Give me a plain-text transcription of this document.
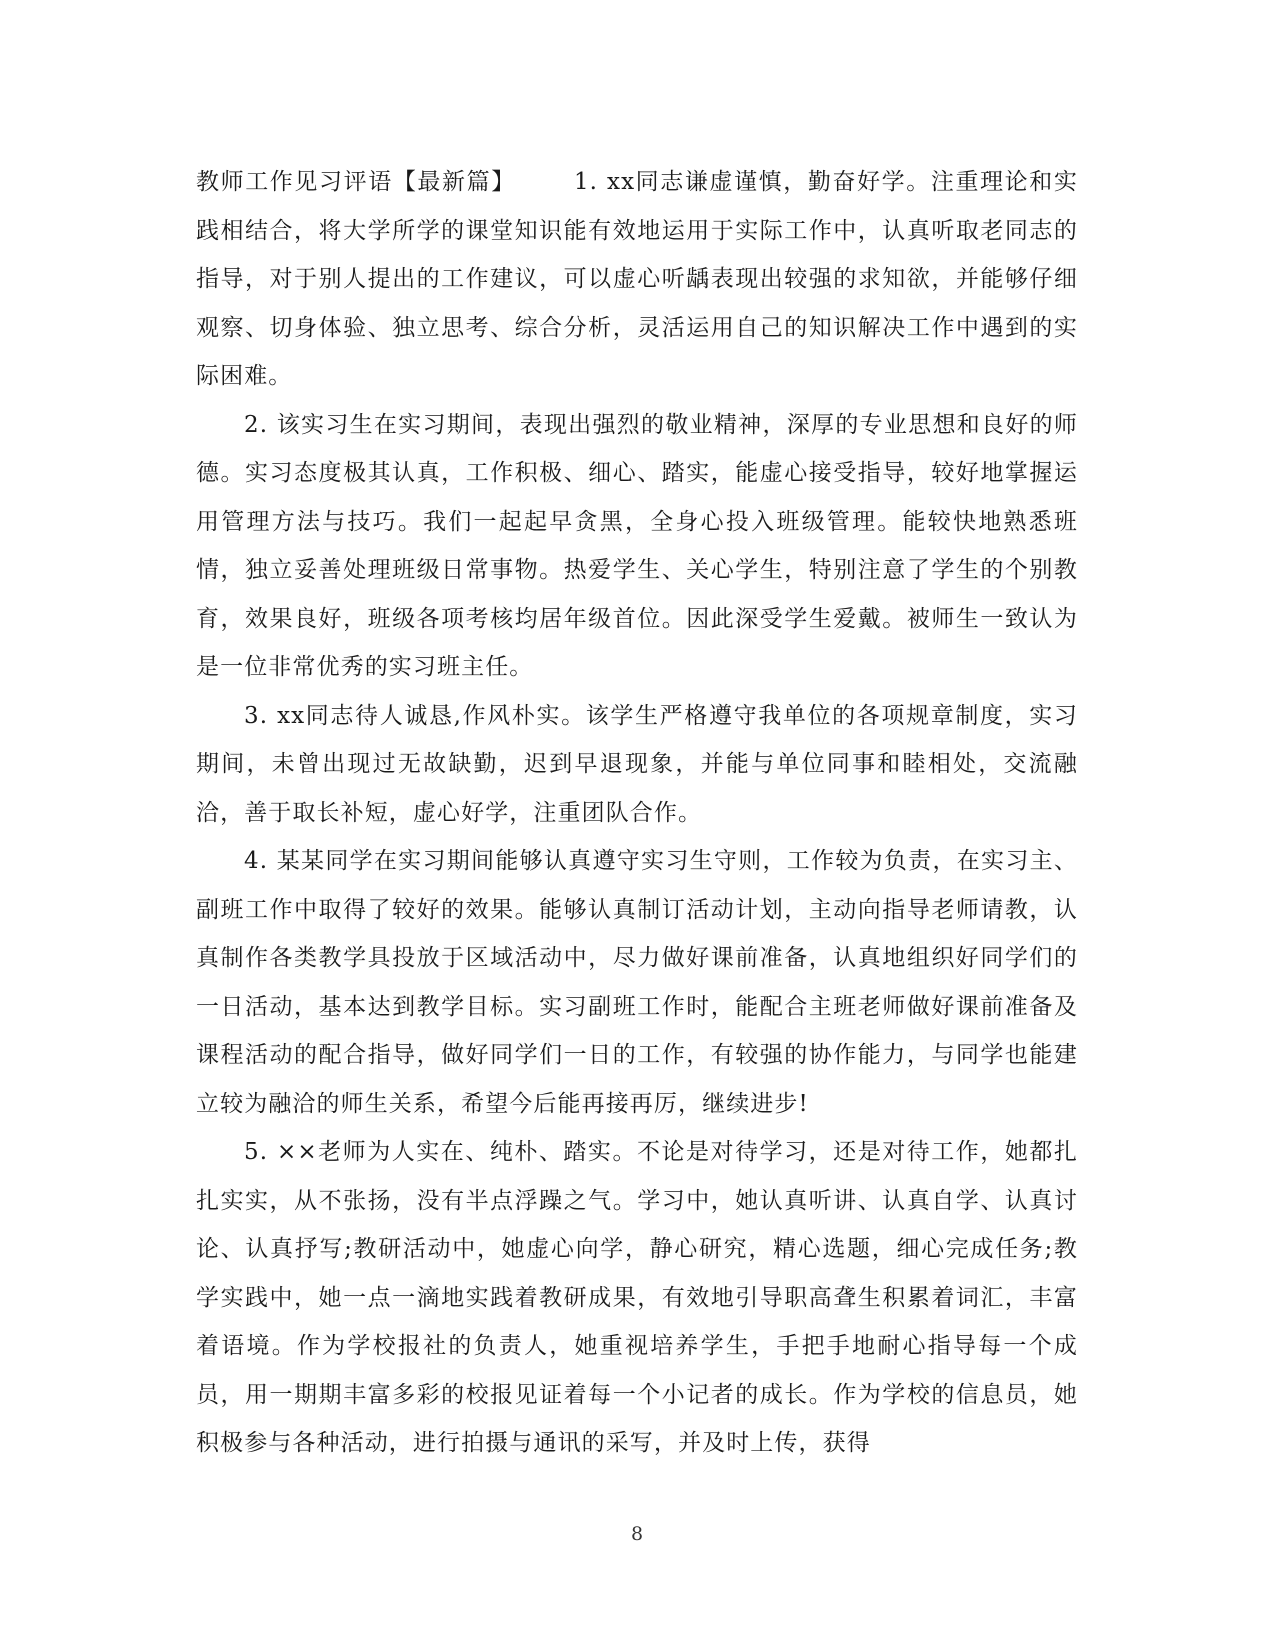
教师工作见习评语【最新篇】 　　1. xx同志谦虚谨慎，勤奋好学。注重理论和实践相结合，将大学所学的课堂知识能有效地运用于实际工作中，认真听取老同志的指导，对于别人提出的工作建议，可以虚心听龋表现出较强的求知欲，并能够仔细观察、切身体验、独立思考、综合分析，灵活运用自己的知识解决工作中遇到的实际困难。

2. 该实习生在实习期间，表现出强烈的敬业精神，深厚的专业思想和良好的师德。实习态度极其认真，工作积极、细心、踏实，能虚心接受指导，较好地掌握运用管理方法与技巧。我们一起起早贪黑，全身心投入班级管理。能较快地熟悉班情，独立妥善处理班级日常事物。热爱学生、关心学生，特别注意了学生的个别教育，效果良好，班级各项考核均居年级首位。因此深受学生爱戴。被师生一致认为是一位非常优秀的实习班主任。

3. xx同志待人诚恳,作风朴实。该学生严格遵守我单位的各项规章制度，实习期间，未曾出现过无故缺勤，迟到早退现象，并能与单位同事和睦相处，交流融洽，善于取长补短，虚心好学，注重团队合作。

4. 某某同学在实习期间能够认真遵守实习生守则，工作较为负责，在实习主、副班工作中取得了较好的效果。能够认真制订活动计划，主动向指导老师请教，认真制作各类教学具投放于区域活动中，尽力做好课前准备，认真地组织好同学们的一日活动，基本达到教学目标。实习副班工作时，能配合主班老师做好课前准备及课程活动的配合指导，做好同学们一日的工作，有较强的协作能力，与同学也能建立较为融洽的师生关系，希望今后能再接再厉，继续进步!

5. ××老师为人实在、纯朴、踏实。不论是对待学习，还是对待工作，她都扎扎实实，从不张扬，没有半点浮躁之气。学习中，她认真听讲、认真自学、认真讨论、认真抒写;教研活动中，她虚心向学，静心研究，精心选题，细心完成任务;教学实践中，她一点一滴地实践着教研成果，有效地引导职高聋生积累着词汇，丰富着语境。作为学校报社的负责人，她重视培养学生，手把手地耐心指导每一个成员，用一期期丰富多彩的校报见证着每一个小记者的成长。作为学校的信息员，她积极参与各种活动，进行拍摄与通讯的采写，并及时上传，获得

8
